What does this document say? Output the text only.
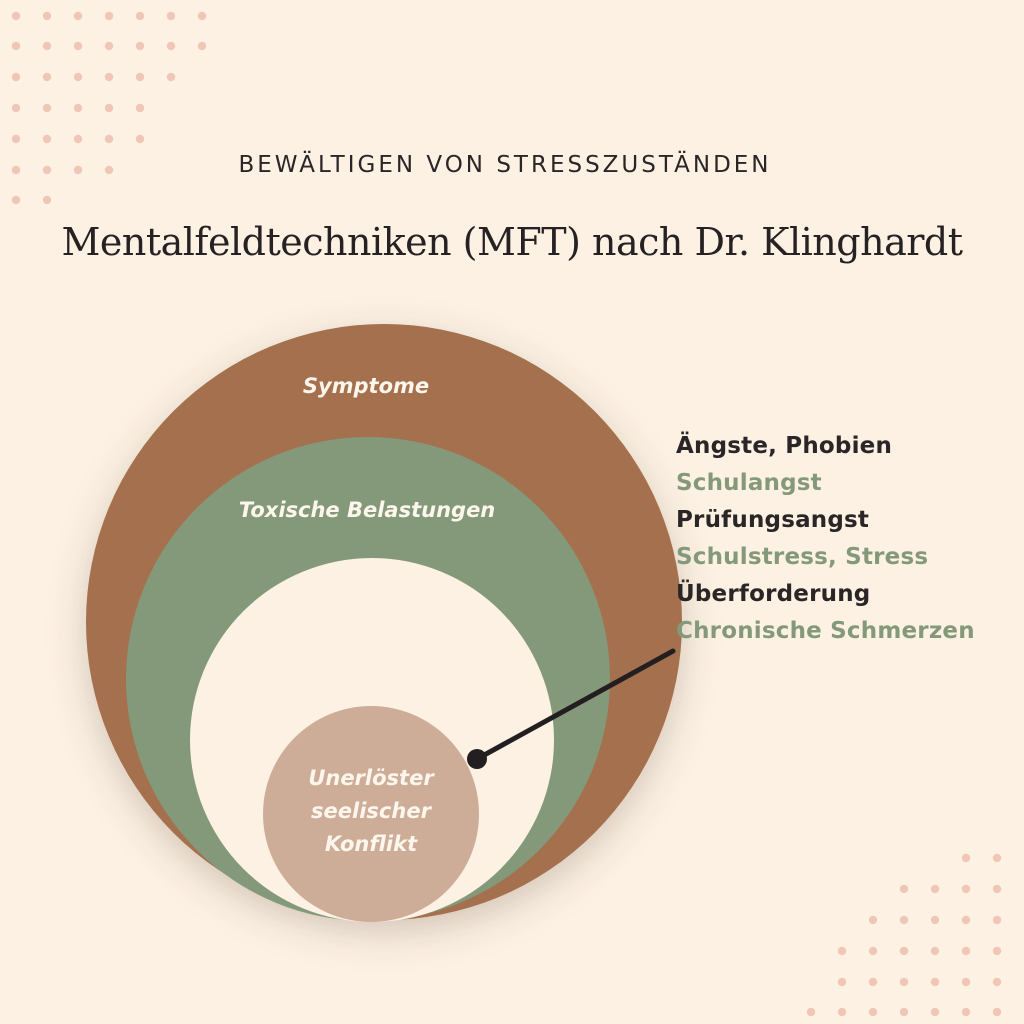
BEWÄLTIGEN VON STRESSZUSTÄNDEN
Mentalfeldtechniken (MFT) nach Dr. Klinghardt
Symptome
Toxische Belastungen
Unerlöster
seelischer
Konflikt
Ängste, Phobien
Schulangst
Prüfungsangst
Schulstress, Stress
Überforderung
Chronische Schmerzen
